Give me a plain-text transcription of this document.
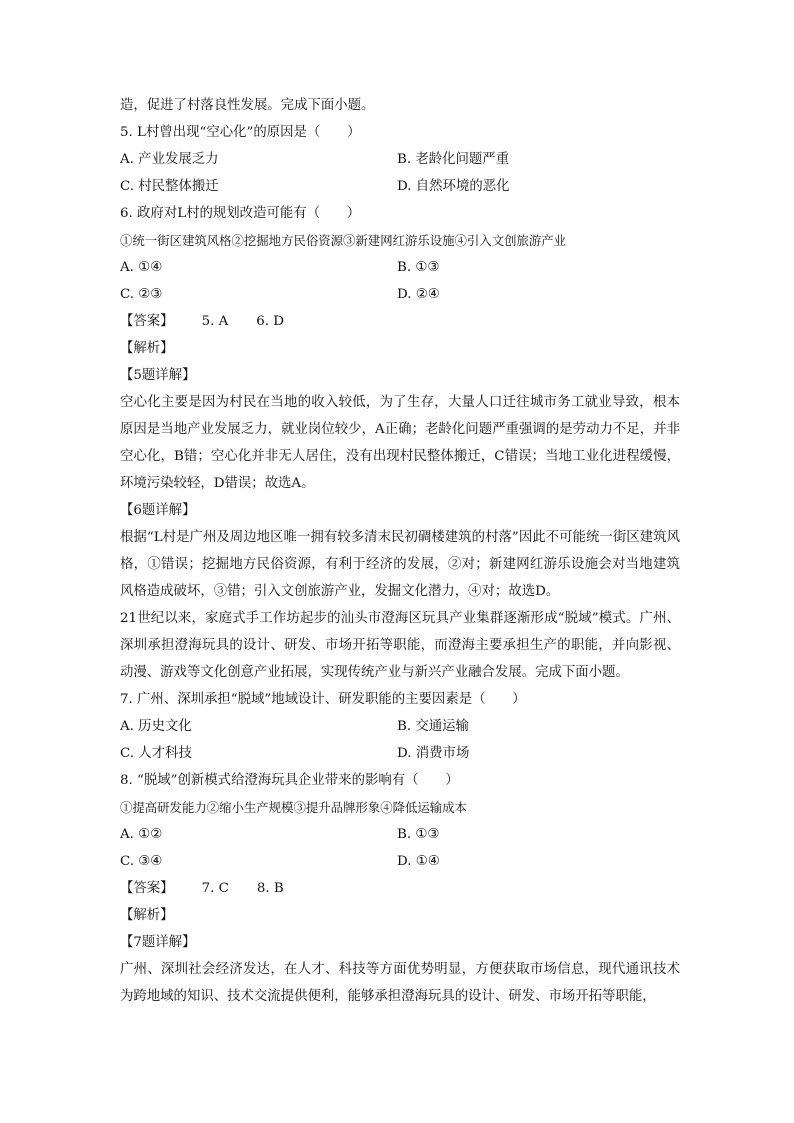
造，促进了村落良性发展。完成下面小题。
5. L村曾出现“空心化”的原因是（　　）
A. 产业发展乏力	B. 老龄化问题严重
C. 村民整体搬迁	D. 自然环境的恶化
6. 政府对L村的规划改造可能有（　　）
①统一街区建筑风格②挖掘地方民俗资源③新建网红游乐设施④引入文创旅游产业
A. ①④	B. ①③
C. ②③	D. ②④
【答案】 5. A 6. D
【解析】
【5题详解】
空心化主要是因为村民在当地的收入较低，为了生存，大量人口迁往城市务工就业导致，根本原因是当地产业发展乏力，就业岗位较少，A正确；老龄化问题严重强调的是劳动力不足，并非空心化，B错；空心化并非无人居住，没有出现村民整体搬迁，C错误；当地工业化进程缓慢，环境污染较轻，D错误；故选A。
【6题详解】
根据“L村是广州及周边地区唯一拥有较多清末民初碉楼建筑的村落”因此不可能统一街区建筑风格，①错误；挖掘地方民俗资源，有利于经济的发展，②对；新建网红游乐设施会对当地建筑风格造成破坏，③错；引入文创旅游产业，发掘文化潜力，④对；故选D。
21世纪以来，家庭式手工作坊起步的汕头市澄海区玩具产业集群逐渐形成“脱域”模式。广州、深圳承担澄海玩具的设计、研发、市场开拓等职能，而澄海主要承担生产的职能，并向影视、动漫、游戏等文化创意产业拓展，实现传统产业与新兴产业融合发展。完成下面小题。
7. 广州、深圳承担“脱域”地域设计、研发职能的主要因素是（　　）
A. 历史文化	B. 交通运输
C. 人才科技	D. 消费市场
8. “脱域”创新模式给澄海玩具企业带来的影响有（　　）
①提高研发能力②缩小生产规模③提升品牌形象④降低运输成本
A. ①②	B. ①③
C. ③④	D. ①④
【答案】 7. C 8. B
【解析】
【7题详解】
广州、深圳社会经济发达，在人才、科技等方面优势明显，方便获取市场信息，现代通讯技术为跨地域的知识、技术交流提供便利，能够承担澄海玩具的设计、研发、市场开拓等职能，
